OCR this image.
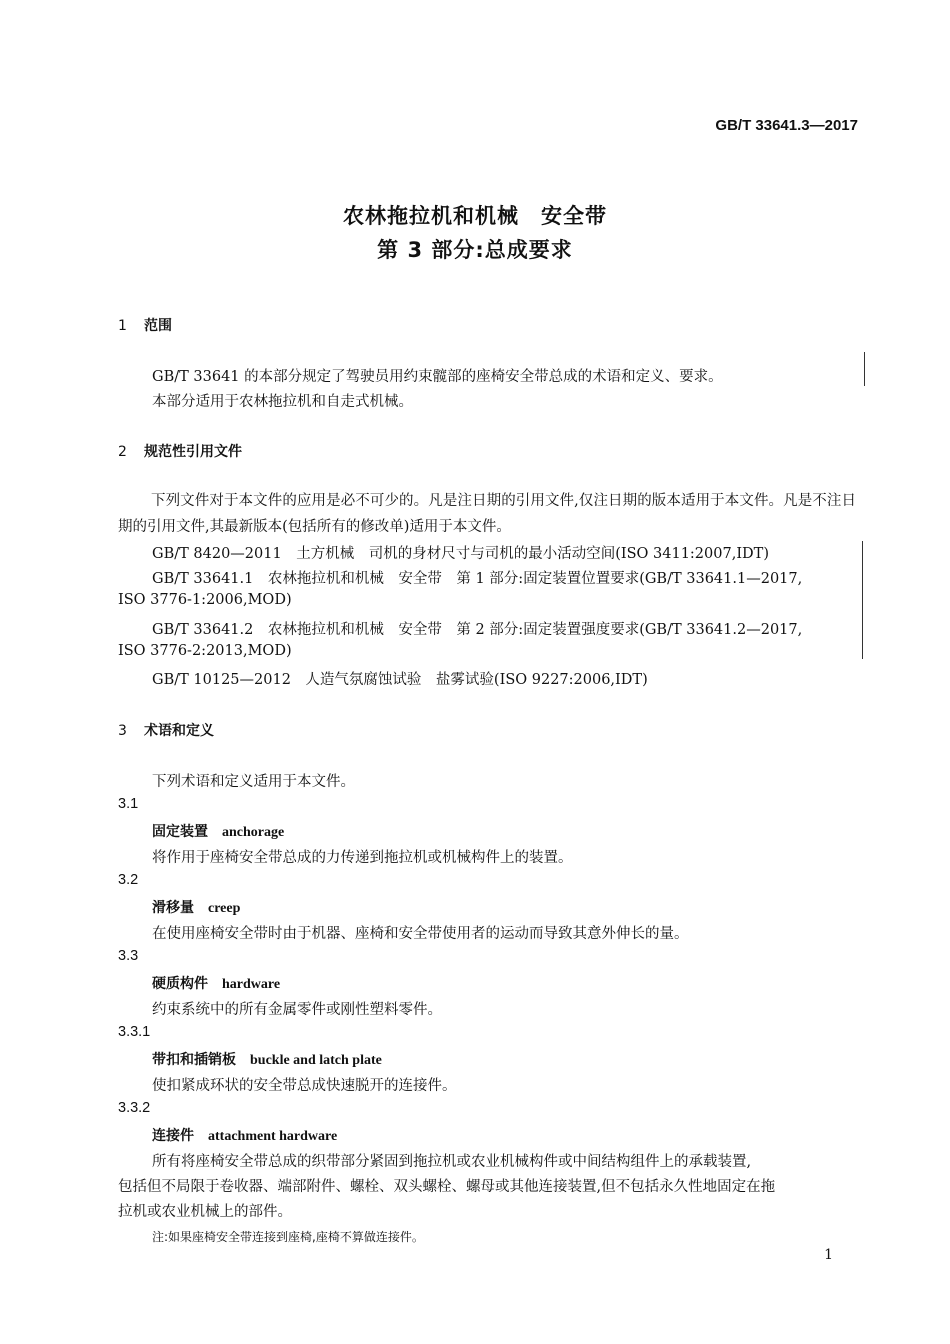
GB/T 33641.3—2017
农林拖拉机和机械　安全带
第 3 部分:总成要求
1 范围
GB/T 33641 的本部分规定了驾驶员用约束髋部的座椅安全带总成的术语和定义、要求。
本部分适用于农林拖拉机和自走式机械。
2 规范性引用文件
下列文件对于本文件的应用是必不可少的。凡是注日期的引用文件,仅注日期的版本适用于本文件。凡是不注日期的引用文件,其最新版本(包括所有的修改单)适用于本文件。
GB/T 8420—2011　土方机械　司机的身材尺寸与司机的最小活动空间(ISO 3411:2007,IDT)
GB/T 33641.1　农林拖拉机和机械　安全带　第 1 部分:固定装置位置要求(GB/T 33641.1—2017,
ISO 3776-1:2006,MOD)
GB/T 33641.2　农林拖拉机和机械　安全带　第 2 部分:固定装置强度要求(GB/T 33641.2—2017,
ISO 3776-2:2013,MOD)
GB/T 10125—2012　人造气氛腐蚀试验　盐雾试验(ISO 9227:2006,IDT)
3 术语和定义
下列术语和定义适用于本文件。
3.1
固定装置 anchorage
将作用于座椅安全带总成的力传递到拖拉机或机械构件上的装置。
3.2
滑移量 creep
在使用座椅安全带时由于机器、座椅和安全带使用者的运动而导致其意外伸长的量。
3.3
硬质构件 hardware
约束系统中的所有金属零件或刚性塑料零件。
3.3.1
带扣和插销板 buckle and latch plate
使扣紧成环状的安全带总成快速脱开的连接件。
3.3.2
连接件 attachment hardware
所有将座椅安全带总成的织带部分紧固到拖拉机或农业机械构件或中间结构组件上的承载装置,
包括但不局限于卷收器、端部附件、螺栓、双头螺栓、螺母或其他连接装置,但不包括永久性地固定在拖
拉机或农业机械上的部件。
注:如果座椅安全带连接到座椅,座椅不算做连接件。
1
